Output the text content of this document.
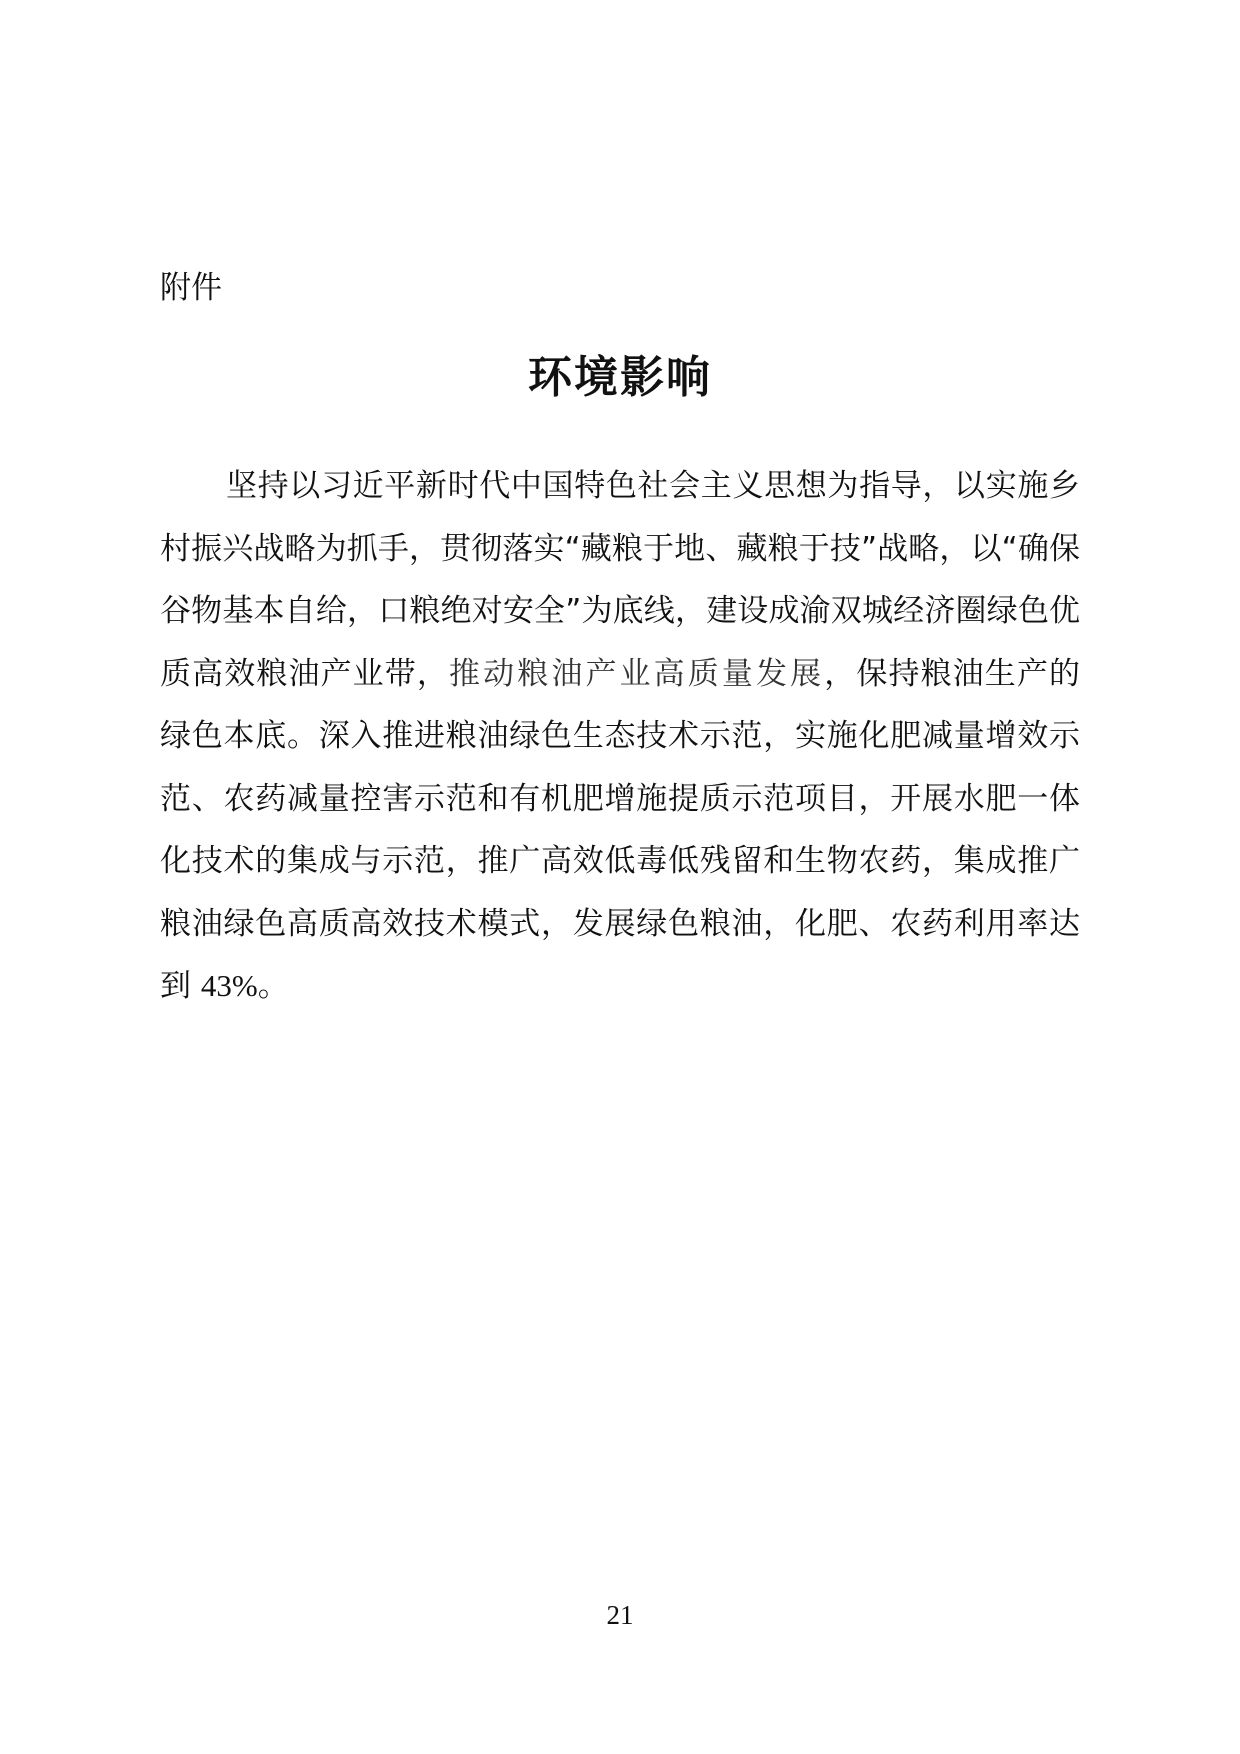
附件
环境影响

坚持以习近平新时代中国特色社会主义思想为指导，以实施乡村振兴战略为抓手，贯彻落实“藏粮于地、藏粮于技”战略，以“确保谷物基本自给，口粮绝对安全”为底线，建设成渝双城经济圈绿色优质高效粮油产业带，推动粮油产业高质量发展，保持粮油生产的绿色本底。深入推进粮油绿色生态技术示范，实施化肥减量增效示范、农药减量控害示范和有机肥增施提质示范项目，开展水肥一体化技术的集成与示范，推广高效低毒低残留和生物农药，集成推广粮油绿色高质高效技术模式，发展绿色粮油，化肥、农药利用率达到 43%。

21
